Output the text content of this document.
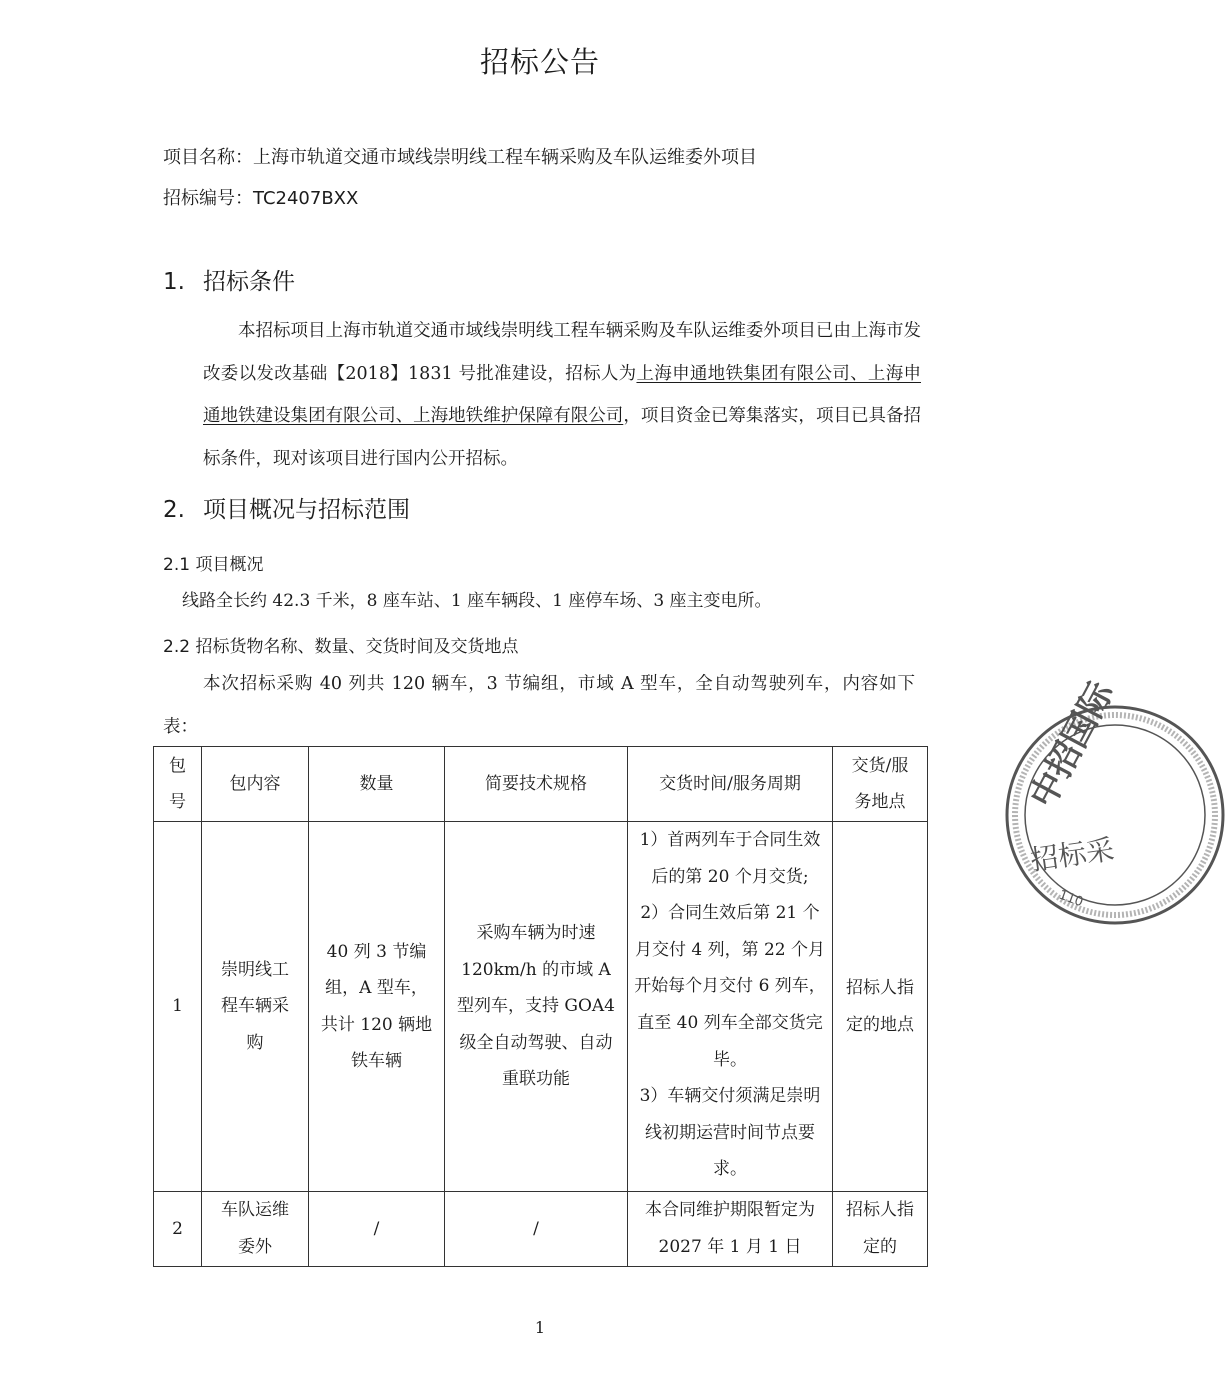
招标公告
项目名称：上海市轨道交通市域线崇明线工程车辆采购及车队运维委外项目
招标编号：TC2407BXX
1. 招标条件
本招标项目上海市轨道交通市域线崇明线工程车辆采购及车队运维委外项目已由上海市发改委以发改基础【2018】1831 号批准建设，招标人为上海申通地铁集团有限公司、上海申通地铁建设集团有限公司、上海地铁维护保障有限公司，项目资金已筹集落实，项目已具备招标条件，现对该项目进行国内公开招标。
2. 项目概况与招标范围
2.1 项目概况
线路全长约 42.3 千米，8 座车站、1 座车辆段、1 座停车场、3 座主变电所。
2.2 招标货物名称、数量、交货时间及交货地点
本次招标采购 40 列共 120 辆车，3 节编组，市域 A 型车，全自动驾驶列车，内容如下表：
包号	包内容	数量	简要技术规格	交货时间/服务周期	交货/服务地点
1	崇明线工程车辆采购	40 列 3 节编组，A 型车，共计 120 辆地铁车辆	采购车辆为时速 120km/h 的市域 A 型列车，支持 GOA4 级全自动驾驶、自动重联功能	1）首两列车于合同生效后的第 20 个月交货;
2）合同生效后第 21 个月交付 4 列，第 22 个月开始每个月交付 6 列车，直至 40 列车全部交货完毕。
3）车辆交付须满足崇明线初期运营时间节点要求。	招标人指定的地点
2	车队运维委外	/	/	本合同维护期限暂定为 2027 年 1 月 1 日	招标人指定的
1
中招国际
招标采
110
